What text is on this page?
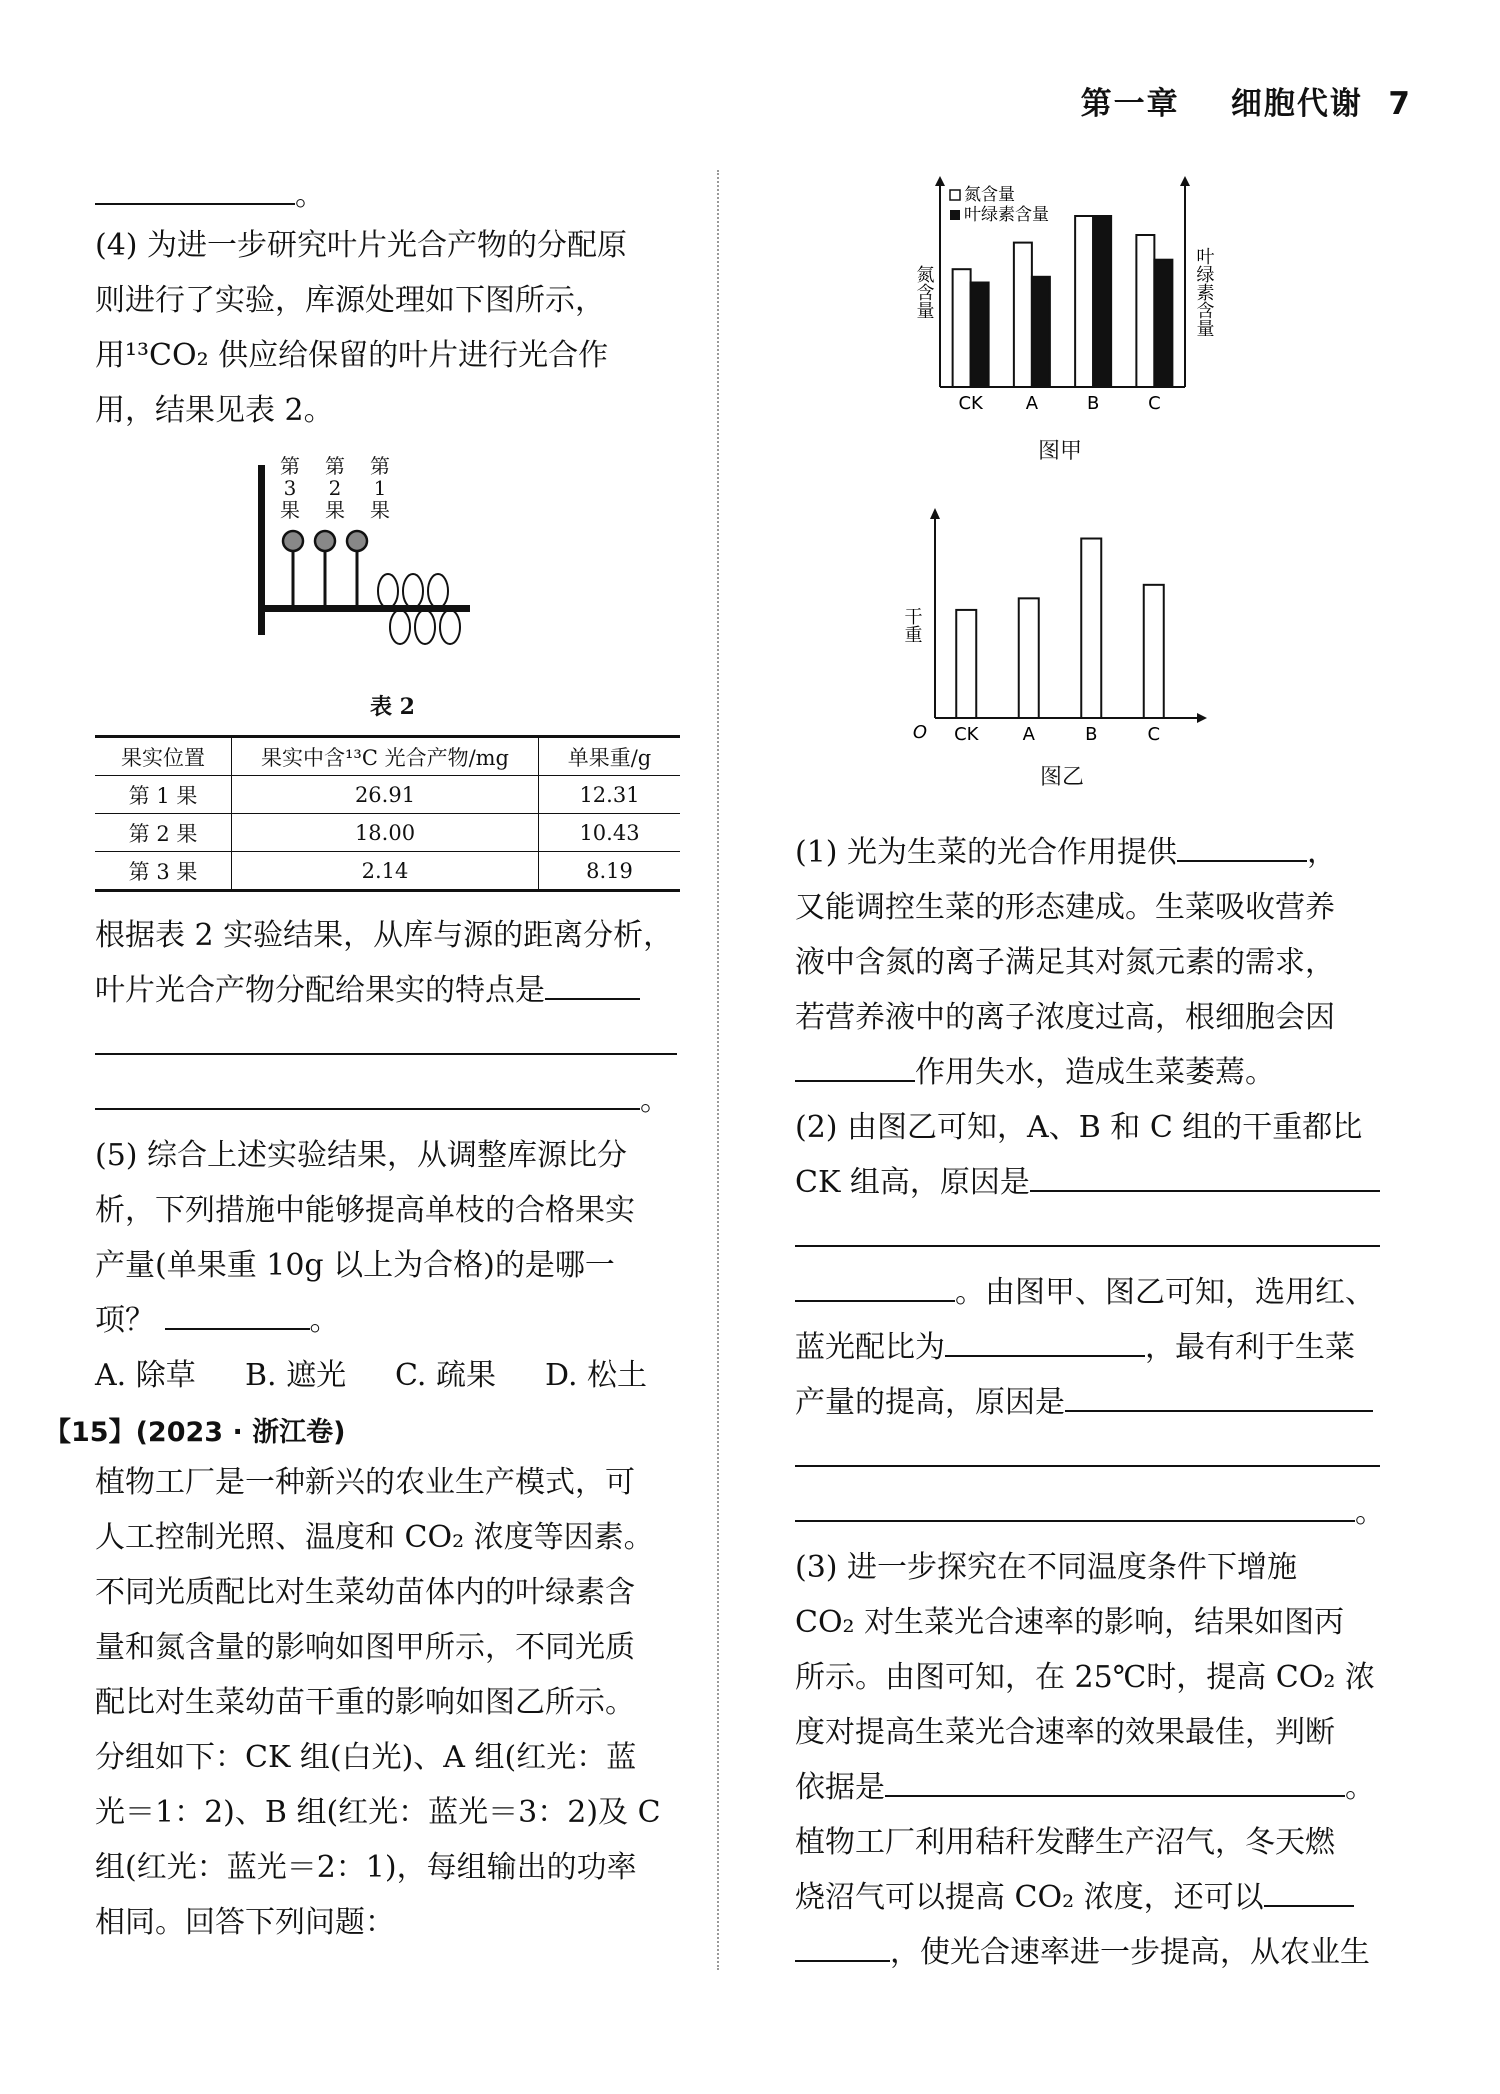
第一章 细胞代谢 7
。
(4) 为进一步研究叶片光合产物的分配原
则进行了实验，库源处理如下图所示，
用¹³CO₂ 供应给保留的叶片进行光合作
用，结果见表 2。
第
3
果
第
2
果
第
1
果
表 2
果实位置	果实中含¹³C 光合产物/mg	单果重/g
第 1 果	26.91	12.31
第 2 果	18.00	10.43
第 3 果	2.14	8.19
根据表 2 实验结果，从库与源的距离分析，
叶片光合产物分配给果实的特点是
。
(5) 综合上述实验结果，从调整库源比分
析，下列措施中能够提高单枝的合格果实
产量(单果重 10g 以上为合格)的是哪一
项？	。
A. 除草 B. 遮光 C. 疏果 D. 松土
【15】(2023 · 浙江卷)
植物工厂是一种新兴的农业生产模式，可
人工控制光照、温度和 CO₂ 浓度等因素。
不同光质配比对生菜幼苗体内的叶绿素含
量和氮含量的影响如图甲所示，不同光质
配比对生菜幼苗干重的影响如图乙所示。
分组如下：CK 组(白光)、A 组(红光：蓝
光＝1：2)、B 组(红光：蓝光＝3：2)及 C
组(红光：蓝光＝2：1)，每组输出的功率
相同。回答下列问题：
CK A	B	C
氮含量
叶绿素含量
氮含量	叶绿素含量
图甲
O
干重
CK A	B	C
图乙
(1) 光为生菜的光合作用提供	，
又能调控生菜的形态建成。生菜吸收营养
液中含氮的离子满足其对氮元素的需求，
若营养液中的离子浓度过高，根细胞会因
作用失水，造成生菜萎蔫。
(2) 由图乙可知，A、B 和 C 组的干重都比
CK 组高，原因是
。由图甲、图乙可知，选用红、
蓝光配比为	，最有利于生菜
产量的提高，原因是
。
(3) 进一步探究在不同温度条件下增施
CO₂ 对生菜光合速率的影响，结果如图丙
所示。由图可知，在 25℃时，提高 CO₂ 浓
度对提高生菜光合速率的效果最佳，判断
依据是	。
植物工厂利用秸秆发酵生产沼气，冬天燃
烧沼气可以提高 CO₂ 浓度，还可以
，使光合速率进一步提高，从农业生
